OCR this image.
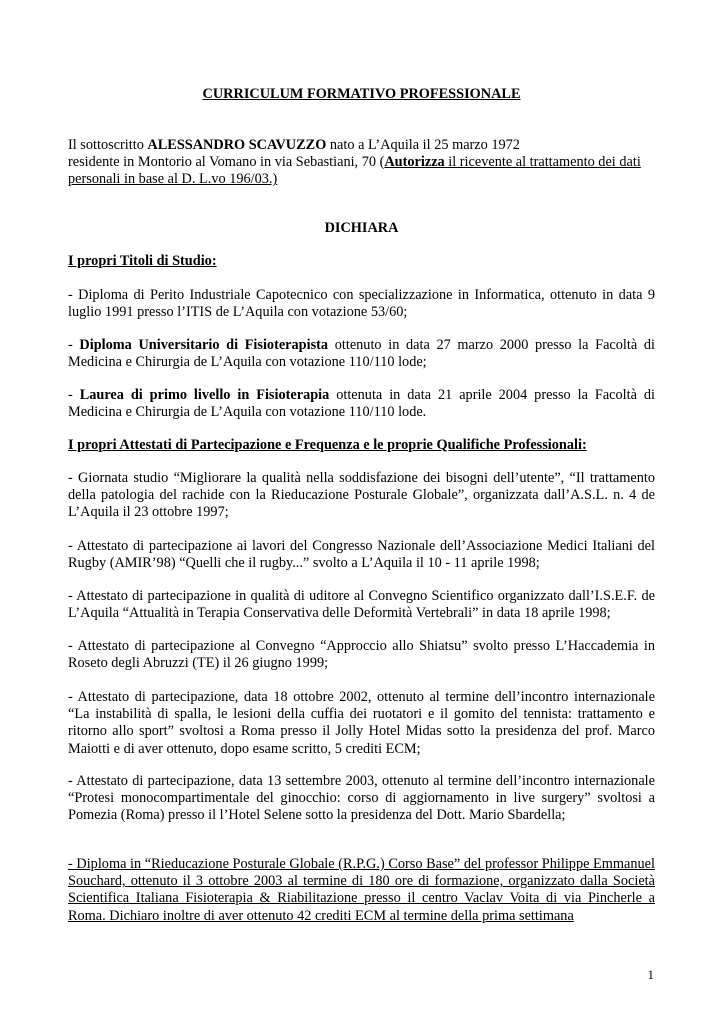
CURRICULUM FORMATIVO PROFESSIONALE
Il sottoscritto ALESSANDRO SCAVUZZO nato a L’Aquila il 25 marzo 1972
residente in Montorio al Vomano in via Sebastiani, 70 (Autorizza il ricevente al trattamento dei dati personali in base al D. L.vo 196/03.)
DICHIARA
I propri Titoli di Studio:
- Diploma di Perito Industriale Capotecnico con specializzazione in Informatica, ottenuto in data 9 luglio 1991 presso l’ITIS de L’Aquila con votazione 53/60;
- Diploma Universitario di Fisioterapista ottenuto in data 27 marzo 2000 presso la Facoltà di Medicina e Chirurgia de L’Aquila con votazione 110/110 lode;
- Laurea di primo livello in Fisioterapia ottenuta in data 21 aprile 2004 presso la Facoltà di Medicina e Chirurgia de L’Aquila con votazione 110/110 lode.
I propri Attestati di Partecipazione e Frequenza e le proprie Qualifiche Professionali:
- Giornata studio “Migliorare la qualità nella soddisfazione dei bisogni dell’utente”, “Il trattamento della patologia del rachide con la Rieducazione Posturale Globale”, organizzata dall’A.S.L. n. 4 de L’Aquila il 23 ottobre 1997;
- Attestato di partecipazione ai lavori del Congresso Nazionale dell’Associazione Medici Italiani del Rugby (AMIR’98) “Quelli che il rugby...” svolto a L’Aquila il 10 - 11 aprile 1998;
- Attestato di partecipazione in qualità di uditore al Convegno Scientifico organizzato dall’I.S.E.F. de L’Aquila “Attualità in Terapia Conservativa delle Deformità Vertebrali” in data 18 aprile 1998;
- Attestato di partecipazione al Convegno “Approccio allo Shiatsu” svolto presso L’Haccademia in Roseto degli Abruzzi (TE) il 26 giugno 1999;
- Attestato di partecipazione, data 18 ottobre 2002, ottenuto al termine dell’incontro internazionale “La instabilità di spalla, le lesioni della cuffia dei ruotatori e il gomito del tennista: trattamento e ritorno allo sport” svoltosi a Roma presso il Jolly Hotel Midas sotto la presidenza del prof. Marco Maiotti e di aver ottenuto, dopo esame scritto, 5 crediti ECM;
- Attestato di partecipazione, data 13 settembre 2003, ottenuto al termine dell’incontro internazionale “Protesi monocompartimentale del ginocchio: corso di aggiornamento in live surgery” svoltosi a Pomezia (Roma) presso il l’Hotel Selene sotto la presidenza del Dott. Mario Sbardella;
- Diploma in “Rieducazione Posturale Globale (R.P.G.) Corso Base” del professor Philippe Emmanuel Souchard, ottenuto il 3 ottobre 2003 al termine di 180 ore di formazione, organizzato dalla Società Scientifica Italiana Fisioterapia & Riabilitazione presso il centro Vaclav Voita di via Pincherle a Roma. Dichiaro inoltre di aver ottenuto 42 crediti ECM al termine della prima settimana
1
